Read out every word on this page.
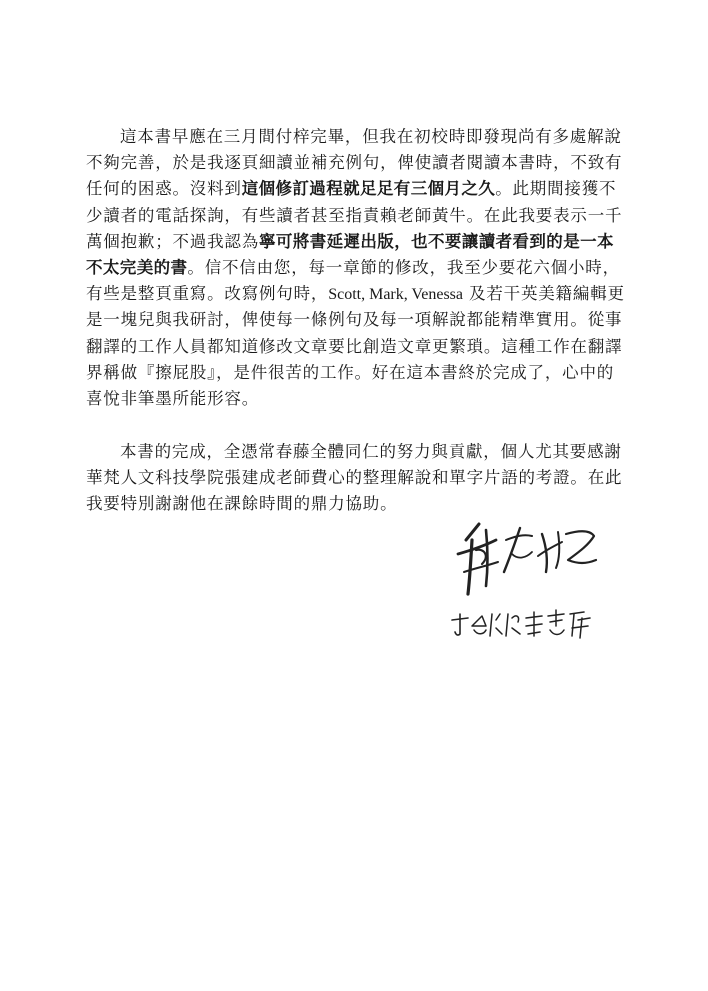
這本書早應在三月間付梓完畢，但我在初校時即發現尚有多處解說
不夠完善，於是我逐頁細讀並補充例句，俾使讀者閱讀本書時，不致有
任何的困惑。沒料到這個修訂過程就足足有三個月之久。此期間接獲不
少讀者的電話探詢，有些讀者甚至指責賴老師黃牛。在此我要表示一千
萬個抱歉；不過我認為寧可將書延遲出版，也不要讓讀者看到的是一本
不太完美的書。信不信由您，每一章節的修改，我至少要花六個小時，
有些是整頁重寫。改寫例句時，Scott, Mark, Venessa 及若干英美籍編輯更
是一塊兒與我研討，俾使每一條例句及每一項解說都能精準實用。從事
翻譯的工作人員都知道修改文章要比創造文章更繁瑣。這種工作在翻譯
界稱做『擦屁股』，是件很苦的工作。好在這本書終於完成了，心中的
喜悅非筆墨所能形容。
本書的完成，全憑常春藤全體同仁的努力與貢獻，個人尤其要感謝
華梵人文科技學院張建成老師費心的整理解說和單字片語的考證。在此
我要特別謝謝他在課餘時間的鼎力協助。
